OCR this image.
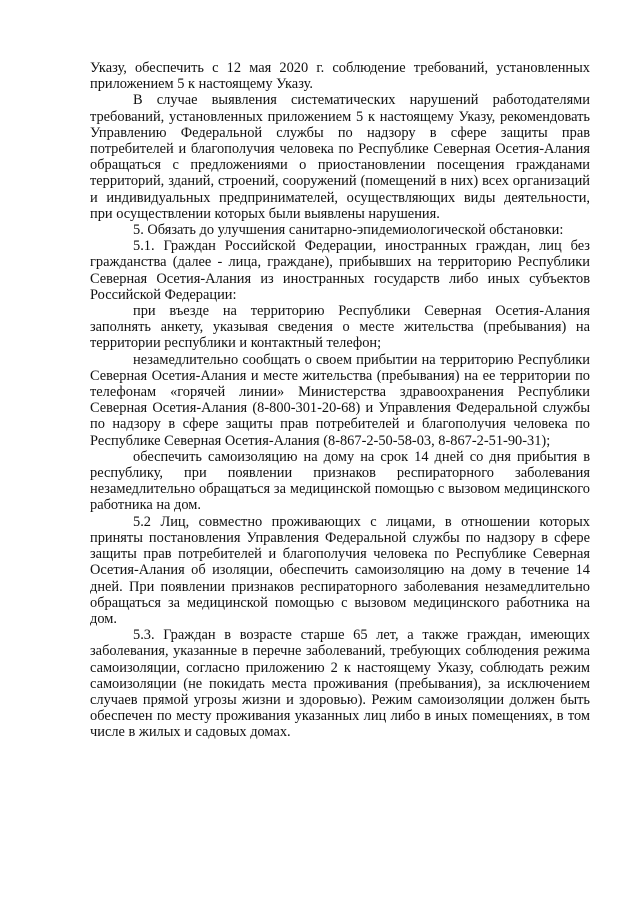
Указу, обеспечить с 12 мая 2020 г. соблюдение требований, установленных приложением 5 к настоящему Указу.

В случае выявления систематических нарушений работодателями требований, установленных приложением 5 к настоящему Указу, рекомендовать Управлению Федеральной службы по надзору в сфере защиты прав потребителей и благополучия человека по Республике Северная Осетия-Алания обращаться с предложениями о приостановлении посещения гражданами территорий, зданий, строений, сооружений (помещений в них) всех организаций и индивидуальных предпринимателей, осуществляющих виды деятельности, при осуществлении которых были выявлены нарушения.

5. Обязать до улучшения санитарно-эпидемиологической обстановки:

5.1. Граждан Российской Федерации, иностранных граждан, лиц без гражданства (далее - лица, граждане), прибывших на территорию Республики Северная Осетия-Алания из иностранных государств либо иных субъектов Российской Федерации:

при въезде на территорию Республики Северная Осетия-Алания заполнять анкету, указывая сведения о месте жительства (пребывания) на территории республики и контактный телефон;

незамедлительно сообщать о своем прибытии на территорию Республики Северная Осетия-Алания и месте жительства (пребывания) на ее территории по телефонам «горячей линии» Министерства здравоохранения Республики Северная Осетия-Алания (8-800-301-20-68) и Управления Федеральной службы по надзору в сфере защиты прав потребителей и благополучия человека по Республике Северная Осетия-Алания (8-867-2-50-58-03, 8-867-2-51-90-31);

обеспечить самоизоляцию на дому на срок 14 дней со дня прибытия в республику, при появлении признаков респираторного заболевания незамедлительно обращаться за медицинской помощью с вызовом медицинского работника на дом.

5.2 Лиц, совместно проживающих с лицами, в отношении которых приняты постановления Управления Федеральной службы по надзору в сфере защиты прав потребителей и благополучия человека по Республике Северная Осетия-Алания об изоляции, обеспечить самоизоляцию на дому в течение 14 дней. При появлении признаков респираторного заболевания незамедлительно обращаться за медицинской помощью с вызовом медицинского работника на дом.

5.3. Граждан в возрасте старше 65 лет, а также граждан, имеющих заболевания, указанные в перечне заболеваний, требующих соблюдения режима самоизоляции, согласно приложению 2 к настоящему Указу, соблюдать режим самоизоляции (не покидать места проживания (пребывания), за исключением случаев прямой угрозы жизни и здоровью). Режим самоизоляции должен быть обеспечен по месту проживания указанных лиц либо в иных помещениях, в том числе в жилых и садовых домах.
